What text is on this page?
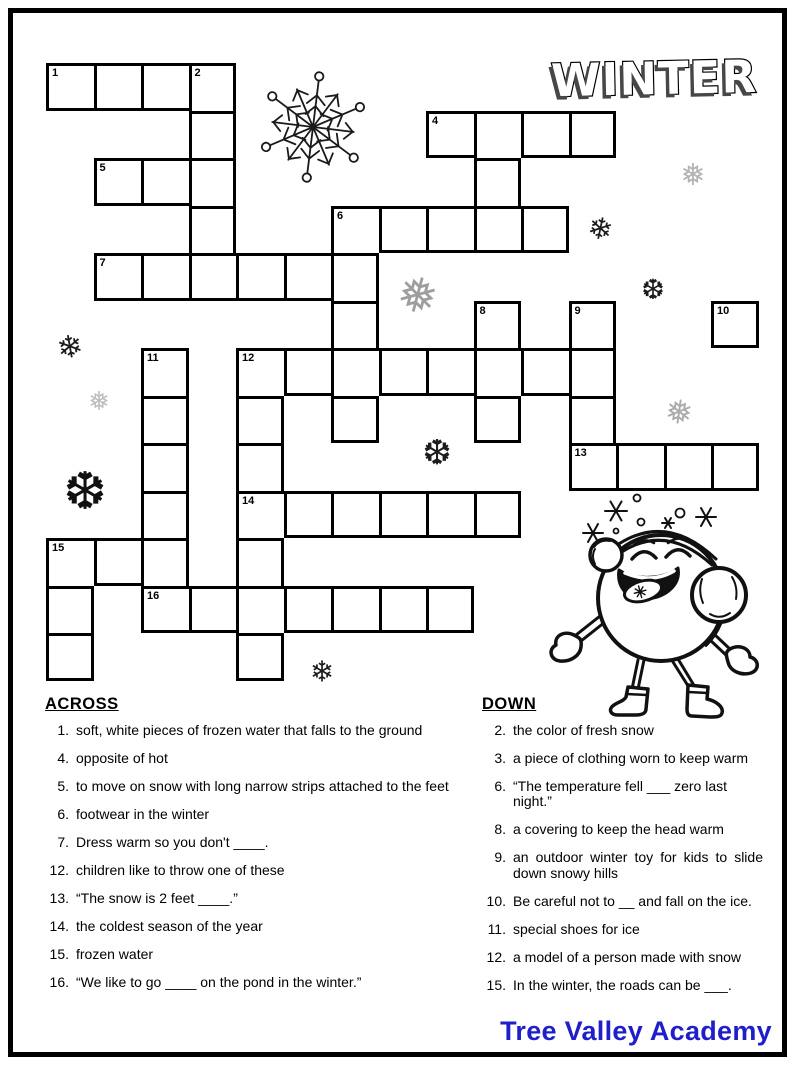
WINTER
1	2
4
5
6
7
8	9	10
11	12
13
14
15
16
ACROSS
1. soft, white pieces of frozen water that falls to the ground
4. opposite of hot
5. to move on snow with long narrow strips attached to the feet
6. footwear in the winter
7. Dress warm so you don't ____.
12. children like to throw one of these
13. “The snow is 2 feet ____.”
14. the coldest season of the year
15. frozen water
16. “We like to go ____ on the pond in the winter.”
DOWN
2. the color of fresh snow
3. a piece of clothing worn to keep warm
6. “The temperature fell ___ zero last night.”
8. a covering to keep the head warm
9. an outdoor winter toy for kids to slide down snowy hills
10. Be careful not to __ and fall on the ice.
11. special shoes for ice
12. a model of a person made with snow
15. In the winter, the roads can be ___.
Tree Valley Academy
❄
❅
❆
❅
❄
❅	❅
❆
❆
❄
